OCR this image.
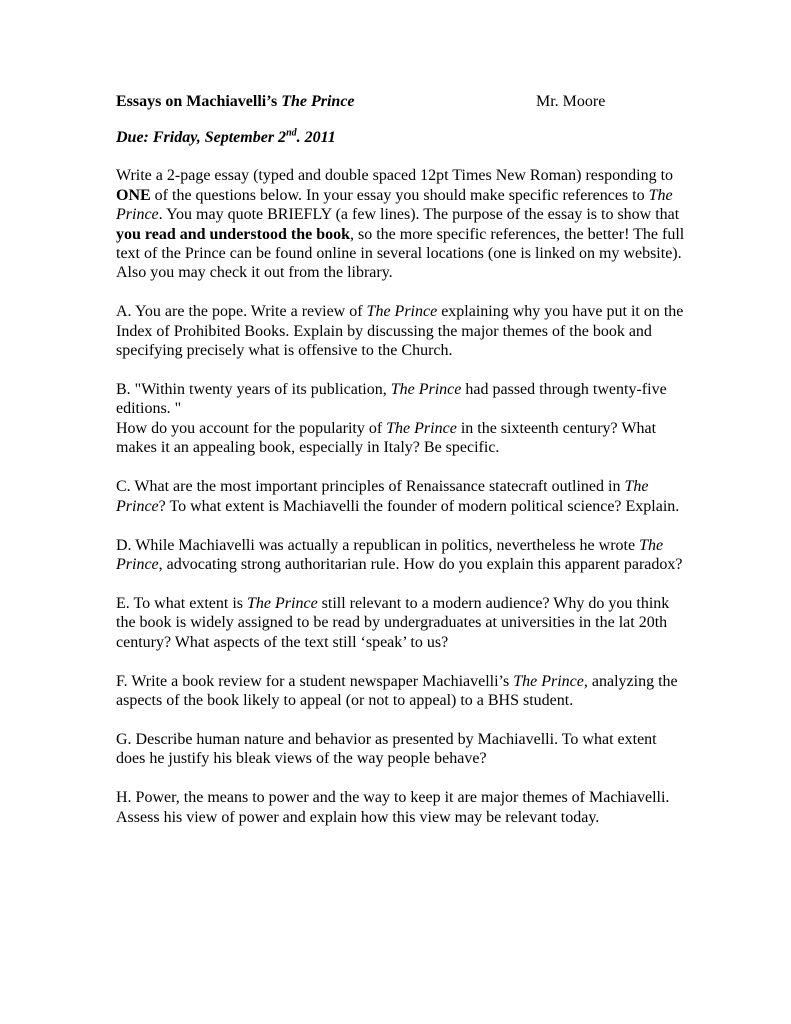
Essays on Machiavelli’s The Prince	Mr. Moore
Due: Friday, September 2nd. 2011

Write a 2-page essay (typed and double spaced 12pt Times New Roman) responding to ONE of the questions below. In your essay you should make specific references to The Prince. You may quote BRIEFLY (a few lines). The purpose of the essay is to show that you read and understood the book, so the more specific references, the better! The full text of the Prince can be found online in several locations (one is linked on my website). Also you may check it out from the library.

A. You are the pope. Write a review of The Prince explaining why you have put it on the Index of Prohibited Books. Explain by discussing the major themes of the book and specifying precisely what is offensive to the Church.

B. "Within twenty years of its publication, The Prince had passed through twenty-five editions. "
How do you account for the popularity of The Prince in the sixteenth century? What makes it an appealing book, especially in Italy? Be specific.

C. What are the most important principles of Renaissance statecraft outlined in The Prince? To what extent is Machiavelli the founder of modern political science? Explain.

D. While Machiavelli was actually a republican in politics, nevertheless he wrote The Prince, advocating strong authoritarian rule. How do you explain this apparent paradox?

E. To what extent is The Prince still relevant to a modern audience? Why do you think the book is widely assigned to be read by undergraduates at universities in the lat 20th century? What aspects of the text still ‘speak’ to us?

F. Write a book review for a student newspaper Machiavelli’s The Prince, analyzing the aspects of the book likely to appeal (or not to appeal) to a BHS student.

G. Describe human nature and behavior as presented by Machiavelli. To what extent does he justify his bleak views of the way people behave?

H. Power, the means to power and the way to keep it are major themes of Machiavelli. Assess his view of power and explain how this view may be relevant today.
